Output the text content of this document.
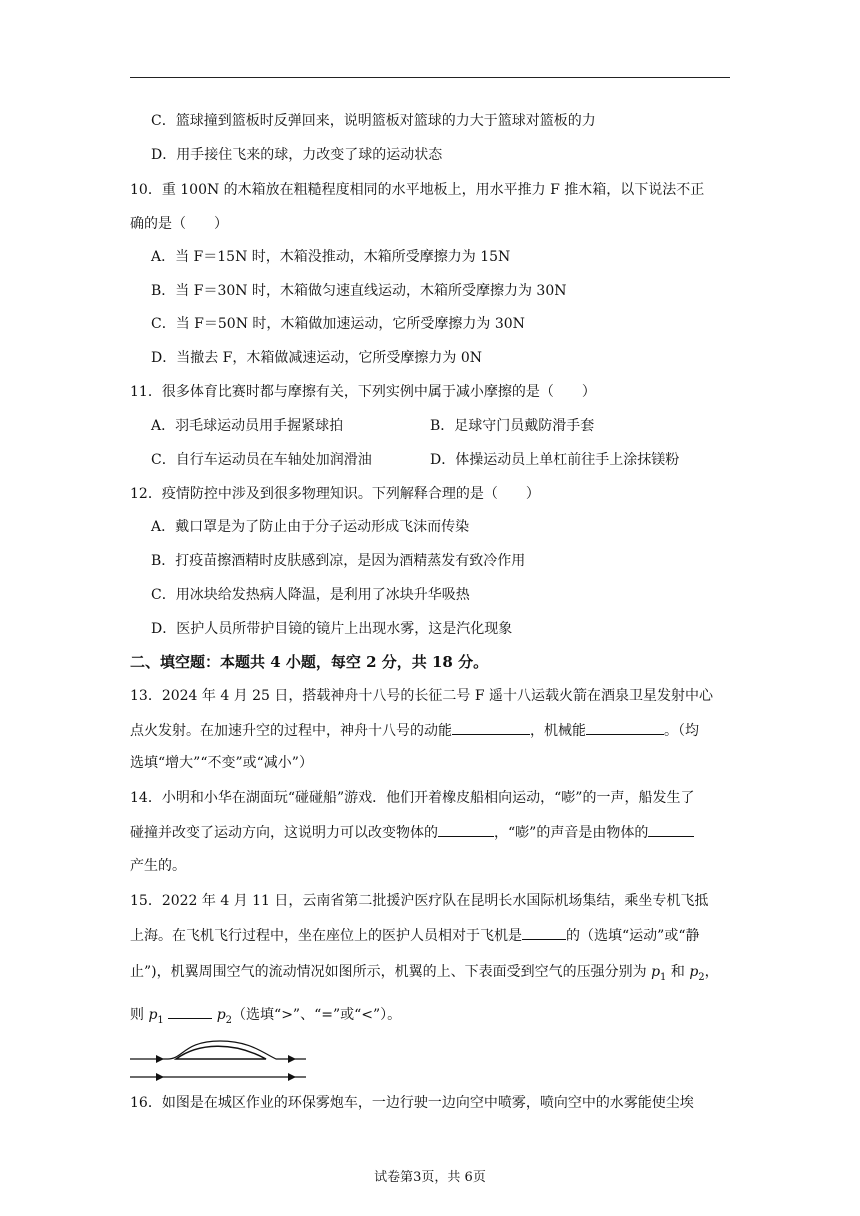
C．篮球撞到篮板时反弹回来，说明篮板对篮球的力大于篮球对篮板的力
D．用手接住飞来的球，力改变了球的运动状态
10．重 100N 的木箱放在粗糙程度相同的水平地板上，用水平推力 F 推木箱，以下说法不正
确的是（　　）
A．当 F＝15N 时，木箱没推动，木箱所受摩擦力为 15N
B．当 F＝30N 时，木箱做匀速直线运动，木箱所受摩擦力为 30N
C．当 F＝50N 时，木箱做加速运动，它所受摩擦力为 30N
D．当撤去 F，木箱做减速运动，它所受摩擦力为 0N
11．很多体育比赛时都与摩擦有关，下列实例中属于减小摩擦的是（　　）
A．羽毛球运动员用手握紧球拍	B．足球守门员戴防滑手套
C．自行车运动员在车轴处加润滑油	D．体操运动员上单杠前往手上涂抹镁粉
12．疫情防控中涉及到很多物理知识。下列解释合理的是（　　）
A．戴口罩是为了防止由于分子运动形成飞沫而传染
B．打疫苗擦酒精时皮肤感到凉，是因为酒精蒸发有致冷作用
C．用冰块给发热病人降温，是利用了冰块升华吸热
D．医护人员所带护目镜的镜片上出现水雾，这是汽化现象
二、填空题：本题共 4 小题，每空 2 分，共 18 分。
13．2024 年 4 月 25 日，搭载神舟十八号的长征二号 F 遥十八运载火箭在酒泉卫星发射中心
点火发射。在加速升空的过程中，神舟十八号的动能	，机械能	。（均
选填“增大”“不变”或“减小”）
14．小明和小华在湖面玩“碰碰船”游戏．他们开着橡皮船相向运动，“嘭”的一声，船发生了
碰撞并改变了运动方向，这说明力可以改变物体的	，“嘭”的声音是由物体的
产生的。
15．2022 年 4 月 11 日，云南省第二批援沪医疗队在昆明长水国际机场集结，乘坐专机飞抵
上海。在飞机飞行过程中，坐在座位上的医护人员相对于飞机是	的（选填“运动”或“静
止”)，机翼周围空气的流动情况如图所示，机翼的上、下表面受到空气的压强分别为 $p_1$ 和 $p_2$，
则 $p_1$	$p_2$（选填“>”、“=”或“<”）。
16．如图是在城区作业的环保雾炮车，一边行驶一边向空中喷雾，喷向空中的水雾能使尘埃
试卷第3页，共 6页
